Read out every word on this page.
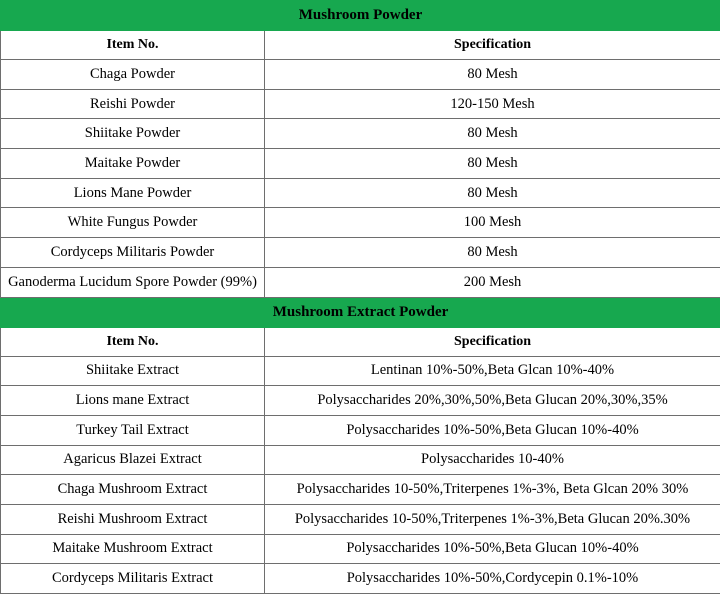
Mushroom Powder	
Item No.	Specification
Chaga Powder	80 Mesh
Reishi Powder	120-150 Mesh
Shiitake Powder	80 Mesh
Maitake Powder	80 Mesh
Lions Mane Powder	80 Mesh
White Fungus Powder	100 Mesh
Cordyceps Militaris Powder	80 Mesh
Ganoderma Lucidum Spore Powder (99%)	200 Mesh
Mushroom Extract Powder	
Item No.	Specification
Shiitake Extract	Lentinan 10%-50%,Beta Glcan 10%-40%
Lions mane Extract	Polysaccharides 20%,30%,50%,Beta Glucan 20%,30%,35%
Turkey Tail Extract	Polysaccharides 10%-50%,Beta Glucan 10%-40%
Agaricus Blazei Extract	Polysaccharides 10-40%
Chaga Mushroom Extract	Polysaccharides 10-50%,Triterpenes 1%-3%, Beta Glcan 20% 30%
Reishi Mushroom Extract	Polysaccharides 10-50%,Triterpenes 1%-3%,Beta Glucan 20%.30%
Maitake Mushroom Extract	Polysaccharides 10%-50%,Beta Glucan 10%-40%
Cordyceps Militaris Extract	Polysaccharides 10%-50%,Cordycepin 0.1%-10%
